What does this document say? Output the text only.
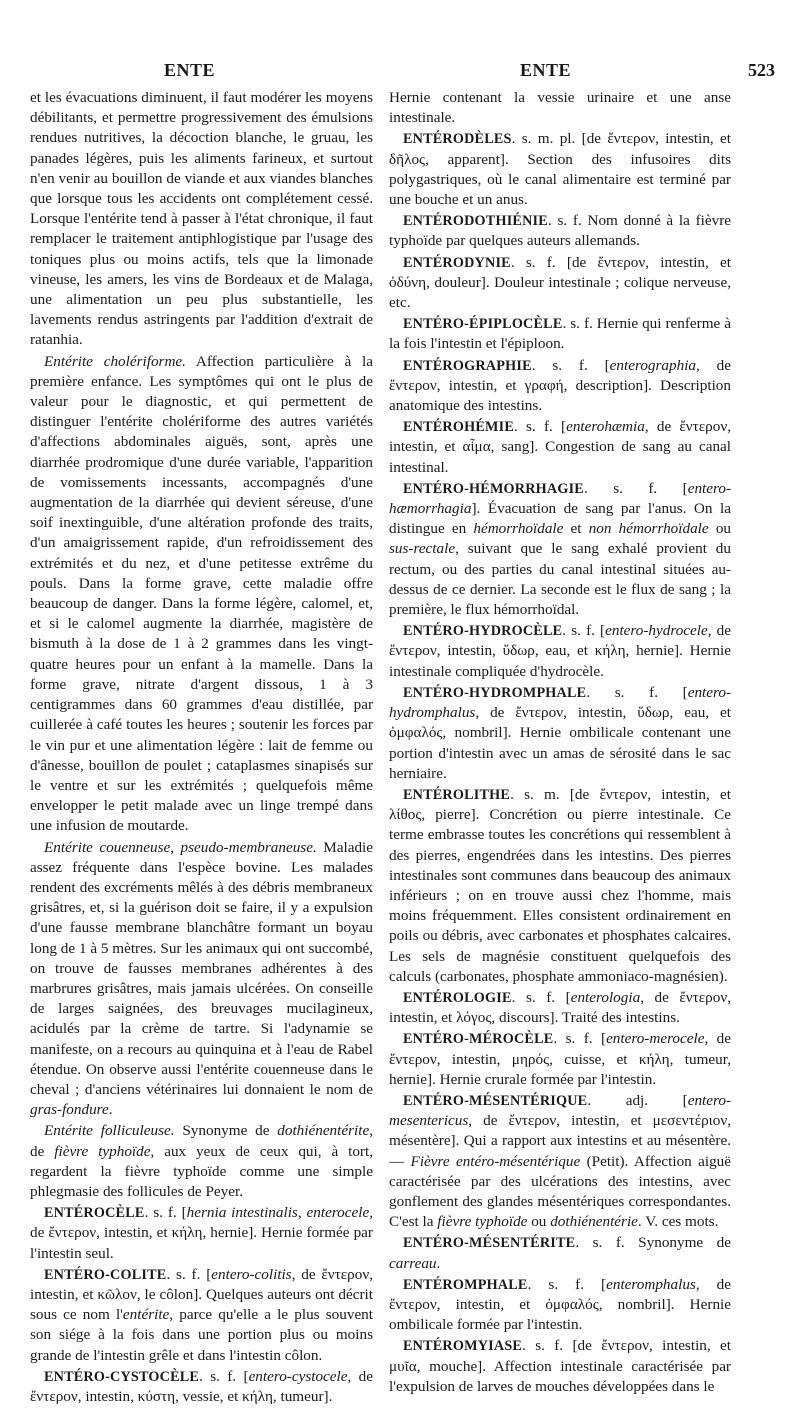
ENTE	ENTE	523

et les évacuations diminuent, il faut modérer les moyens débilitants, et permettre progressivement des émulsions rendues nutritives, la décoction blanche, le gruau, les panades légères, puis les aliments farineux, et surtout n'en venir au bouillon de viande et aux viandes blanches que lorsque tous les accidents ont complétement cessé. Lorsque l'entérite tend à passer à l'état chronique, il faut remplacer le traitement antiphlogistique par l'usage des toniques plus ou moins actifs, tels que la limonade vineuse, les amers, les vins de Bordeaux et de Malaga, une alimentation un peu plus substantielle, les lavements rendus astringents par l'addition d'extrait de ratanhia.

Entérite cholériforme. Affection particulière à la première enfance. Les symptômes qui ont le plus de valeur pour le diagnostic, et qui permettent de distinguer l'entérite cholériforme des autres variétés d'affections abdominales aiguës, sont, après une diarrhée prodromique d'une durée variable, l'apparition de vomissements incessants, accompagnés d'une augmentation de la diarrhée qui devient séreuse, d'une soif inextinguible, d'une altération profonde des traits, d'un amaigrissement rapide, d'un refroidissement des extrémités et du nez, et d'une petitesse extrême du pouls. Dans la forme grave, cette maladie offre beaucoup de danger. Dans la forme légère, calomel, et, et si le calomel augmente la diarrhée, magistère de bismuth à la dose de 1 à 2 grammes dans les vingt-quatre heures pour un enfant à la mamelle. Dans la forme grave, nitrate d'argent dissous, 1 à 3 centigrammes dans 60 grammes d'eau distillée, par cuillerée à café toutes les heures ; soutenir les forces par le vin pur et une alimentation légère : lait de femme ou d'ânesse, bouillon de poulet ; cataplasmes sinapisés sur le ventre et sur les extrémités ; quelquefois même envelopper le petit malade avec un linge trempé dans une infusion de moutarde.

Entérite couenneuse, pseudo-membraneuse. Maladie assez fréquente dans l'espèce bovine. Les malades rendent des excréments mêlés à des débris membraneux grisâtres, et, si la guérison doit se faire, il y a expulsion d'une fausse membrane blanchâtre formant un boyau long de 1 à 5 mètres. Sur les animaux qui ont succombé, on trouve de fausses membranes adhérentes à des marbrures grisâtres, mais jamais ulcérées. On conseille de larges saignées, des breuvages mucilagineux, acidulés par la crème de tartre. Si l'adynamie se manifeste, on a recours au quinquina et à l'eau de Rabel étendue. On observe aussi l'entérite couenneuse dans le cheval ; d'anciens vétérinaires lui donnaient le nom de gras-fondure.

Entérite folliculeuse. Synonyme de dothiénentérite, de fièvre typhoïde, aux yeux de ceux qui, à tort, regardent la fièvre typhoïde comme une simple phlegmasie des follicules de Peyer.

ENTÉROCÈLE. s. f. [hernia intestinalis, enterocele, de ἔντερον, intestin, et κήλη, hernie]. Hernie formée par l'intestin seul.

ENTÉRO-COLITE. s. f. [entero-colitis, de ἔντερον, intestin, et κῶλον, le côlon]. Quelques auteurs ont décrit sous ce nom l'entérite, parce qu'elle a le plus souvent son siége à la fois dans une portion plus ou moins grande de l'intestin grêle et dans l'intestin côlon.

ENTÉRO-CYSTOCÈLE. s. f. [entero-cystocele, de ἔντερον, intestin, κύστη, vessie, et κήλη, tumeur].

Hernie contenant la vessie urinaire et une anse intestinale.

ENTÉRODÈLES. s. m. pl. [de ἔντερον, intestin, et δῆλος, apparent]. Section des infusoires dits polygastriques, où le canal alimentaire est terminé par une bouche et un anus.

ENTÉRODOTHIÉNIE. s. f. Nom donné à la fièvre typhoïde par quelques auteurs allemands.

ENTÉRODYNIE. s. f. [de ἔντερον, intestin, et ὀδύνη, douleur]. Douleur intestinale ; colique nerveuse, etc.

ENTÉRO-ÉPIPLOCÈLE. s. f. Hernie qui renferme à la fois l'intestin et l'épiploon.

ENTÉROGRAPHIE. s. f. [enterographia, de ἔντερον, intestin, et γραφή, description]. Description anatomique des intestins.

ENTÉROHÉMIE. s. f. [enterohæmia, de ἔντερον, intestin, et αἷμα, sang]. Congestion de sang au canal intestinal.

ENTÉRO-HÉMORRHAGIE. s. f. [entero-hæmorrhagia]. Évacuation de sang par l'anus. On la distingue en hémorrhoïdale et non hémorrhoïdale ou sus-rectale, suivant que le sang exhalé provient du rectum, ou des parties du canal intestinal situées au-dessus de ce dernier. La seconde est le flux de sang ; la première, le flux hémorrhoïdal.

ENTÉRO-HYDROCÈLE. s. f. [entero-hydrocele, de ἔντερον, intestin, ὕδωρ, eau, et κήλη, hernie]. Hernie intestinale compliquée d'hydrocèle.

ENTÉRO-HYDROMPHALE. s. f. [entero-hydromphalus, de ἔντερον, intestin, ὕδωρ, eau, et ὀμφαλός, nombril]. Hernie ombilicale contenant une portion d'intestin avec un amas de sérosité dans le sac herniaire.

ENTÉROLITHE. s. m. [de ἔντερον, intestin, et λίθος, pierre]. Concrétion ou pierre intestinale. Ce terme embrasse toutes les concrétions qui ressemblent à des pierres, engendrées dans les intestins. Des pierres intestinales sont communes dans beaucoup des animaux inférieurs ; on en trouve aussi chez l'homme, mais moins fréquemment. Elles consistent ordinairement en poils ou débris, avec carbonates et phosphates calcaires. Les sels de magnésie constituent quelquefois des calculs (carbonates, phosphate ammoniaco-magnésien).

ENTÉROLOGIE. s. f. [enterologia, de ἔντερον, intestin, et λόγος, discours]. Traité des intestins.

ENTÉRO-MÉROCÈLE. s. f. [entero-merocele, de ἔντερον, intestin, μηρός, cuisse, et κήλη, tumeur, hernie]. Hernie crurale formée par l'intestin.

ENTÉRO-MÉSENTÉRIQUE. adj. [entero-mesentericus, de ἔντερον, intestin, et μεσεντέριον, mésentère]. Qui a rapport aux intestins et au mésentère. — Fièvre entéro-mésentérique (Petit). Affection aiguë caractérisée par des ulcérations des intestins, avec gonflement des glandes mésentériques correspondantes. C'est la fièvre typhoïde ou dothiénentérie. V. ces mots.

ENTÉRO-MÉSENTÉRITE. s. f. Synonyme de carreau.

ENTÉROMPHALE. s. f. [enteromphalus, de ἔντερον, intestin, et ὀμφαλός, nombril]. Hernie ombilicale formée par l'intestin.

ENTÉROMYIASE. s. f. [de ἔντερον, intestin, et μυῖα, mouche]. Affection intestinale caractérisée par l'expulsion de larves de mouches développées dans le
